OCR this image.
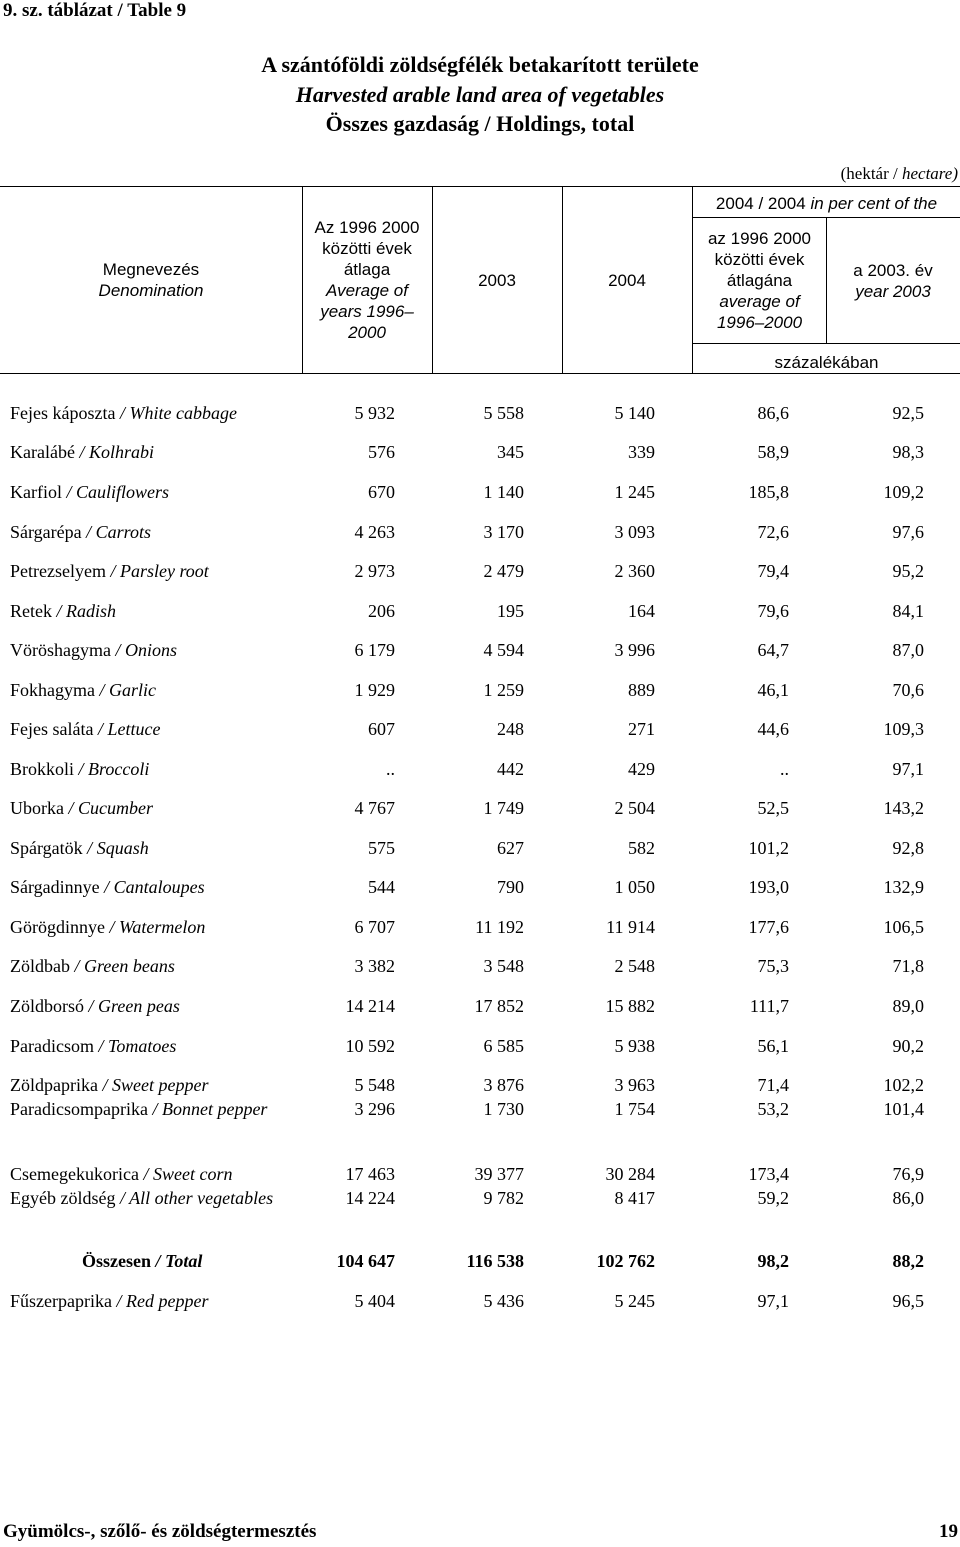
9. sz. táblázat / Table 9
A szántóföldi zöldségfélék betakarított területe
Harvested arable land area of vegetables
Összes gazdaság / Holdings, total
(hektár / hectare)
Megnevezés
Denomination
Az 1996 2000
közötti évek
átlaga
Average of
years 1996–
2000
2003	2004
2004 / 2004 in per cent of the
az 1996 2000
közötti évek
átlagána
average of
1996–2000
a 2003. év
year 2003
százalékában
Fejes káposzta / White cabbage	5 932	5 558	5 140	86,6	92,5
Karalábé / Kolhrabi	576	345	339	58,9	98,3
Karfiol / Cauliflowers	670	1 140	1 245	185,8	109,2
Sárgarépa / Carrots	4 263	3 170	3 093	72,6	97,6
Petrezselyem / Parsley root	2 973	2 479	2 360	79,4	95,2
Retek / Radish	206	195	164	79,6	84,1
Vöröshagyma / Onions	6 179	4 594	3 996	64,7	87,0
Fokhagyma / Garlic	1 929	1 259	889	46,1	70,6
Fejes saláta / Lettuce	607	248	271	44,6	109,3
Brokkoli / Broccoli	..	442	429	..	97,1
Uborka / Cucumber	4 767	1 749	2 504	52,5	143,2
Spárgatök / Squash	575	627	582	101,2	92,8
Sárgadinnye / Cantaloupes	544	790	1 050	193,0	132,9
Görögdinnye / Watermelon	6 707	11 192	11 914	177,6	106,5
Zöldbab / Green beans	3 382	3 548	2 548	75,3	71,8
Zöldborsó / Green peas	14 214	17 852	15 882	111,7	89,0
Paradicsom / Tomatoes	10 592	6 585	5 938	56,1	90,2
Zöldpaprika / Sweet pepper	5 548	3 876	3 963	71,4	102,2
Paradicsompaprika / Bonnet pepper	3 296	1 730	1 754	53,2	101,4
Csemegekukorica / Sweet corn	17 463	39 377	30 284	173,4	76,9
Egyéb zöldség / All other vegetables	14 224	9 782	8 417	59,2	86,0
Összesen / Total	104 647	116 538	102 762	98,2	88,2
Fűszerpaprika / Red pepper	5 404	5 436	5 245	97,1	96,5
Gyümölcs-, szőlő- és zöldségtermesztés	19
